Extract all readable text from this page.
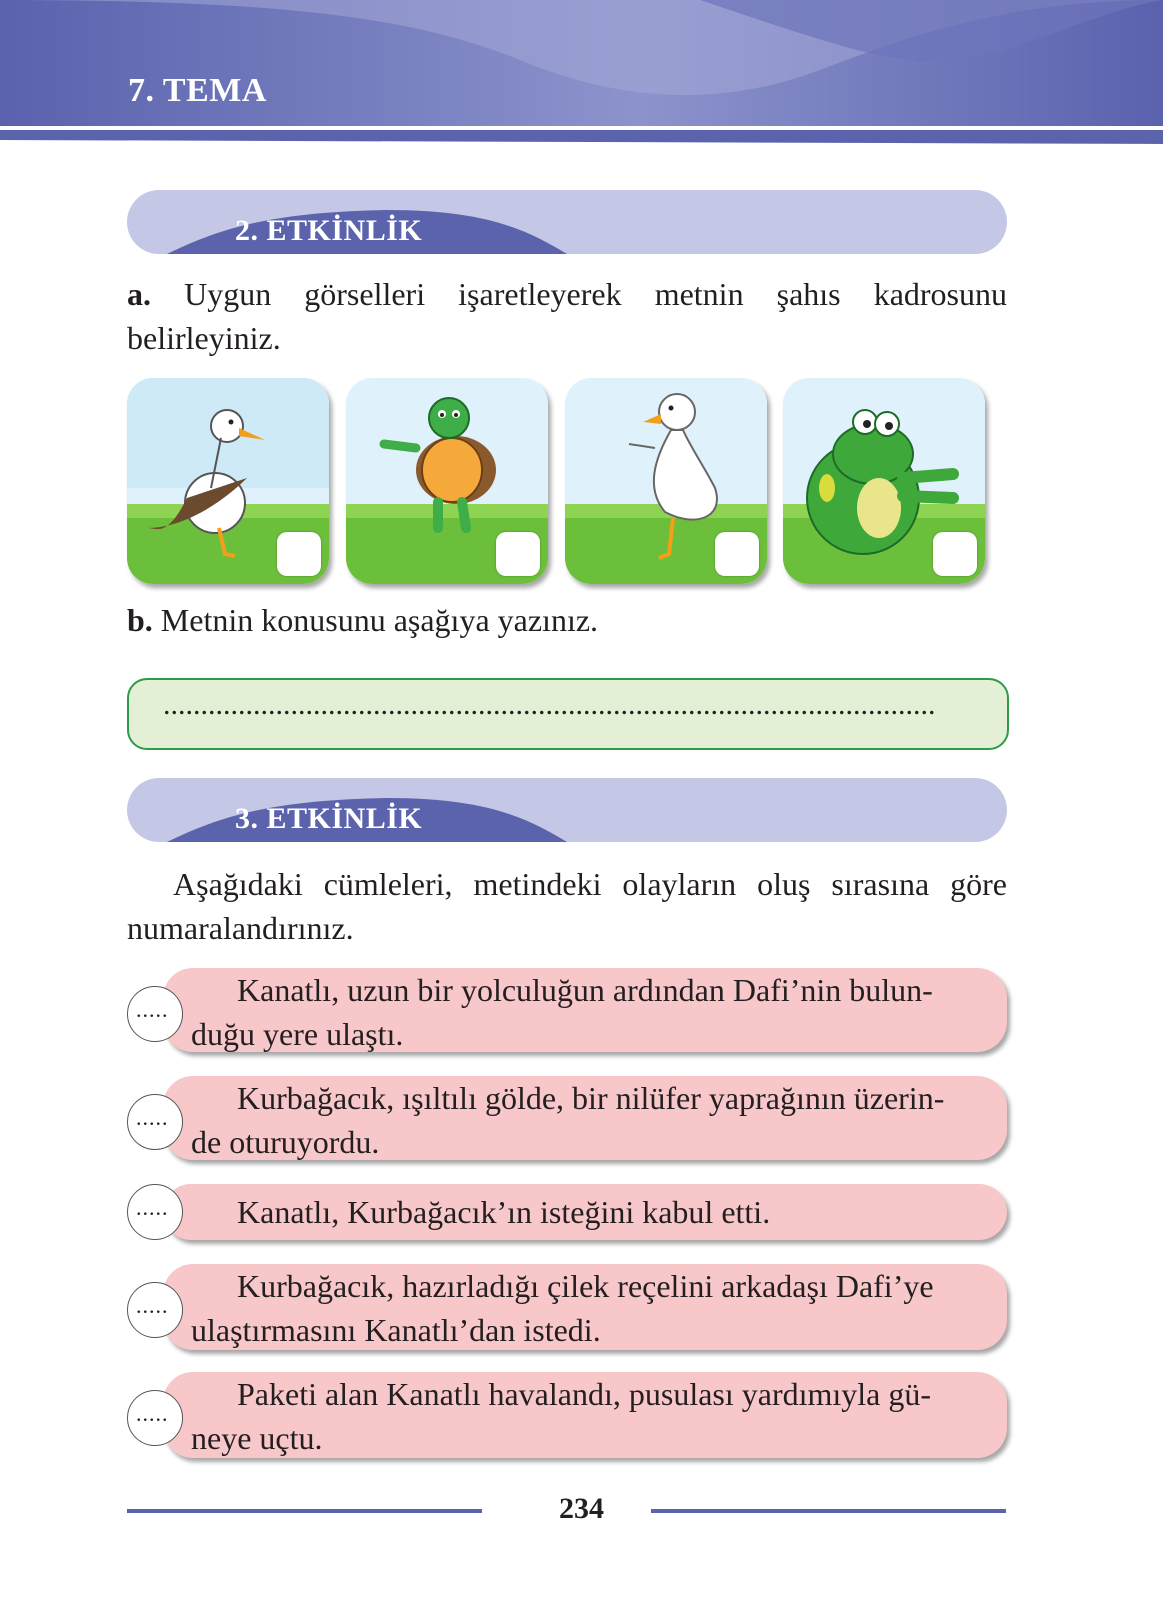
7. TEMA
2. ETKİNLİK
a. Uygun görselleri işaretleyerek metnin şahıs kadrosunu belirleyiniz.
b. Metnin konusunu aşağıya yazınız.
.......................................................................................................
3. ETKİNLİK
Aşağıdaki cümleleri, metindeki olayların oluş sırasına göre numaralandırınız.
Kanatlı, uzun bir yolculuğun ardından Dafi’nin bulun-
duğu yere ulaştı.
.....
Kurbağacık, ışıltılı gölde, bir nilüfer yaprağının üzerin-
de oturuyordu.
.....
Kanatlı, Kurbağacık’ın isteğini kabul etti.
.....
Kurbağacık, hazırladığı çilek reçelini arkadaşı Dafi’ye
ulaştırmasını Kanatlı’dan istedi.
.....
Paketi alan Kanatlı havalandı, pusulası yardımıyla gü-
neye uçtu.
.....
234
